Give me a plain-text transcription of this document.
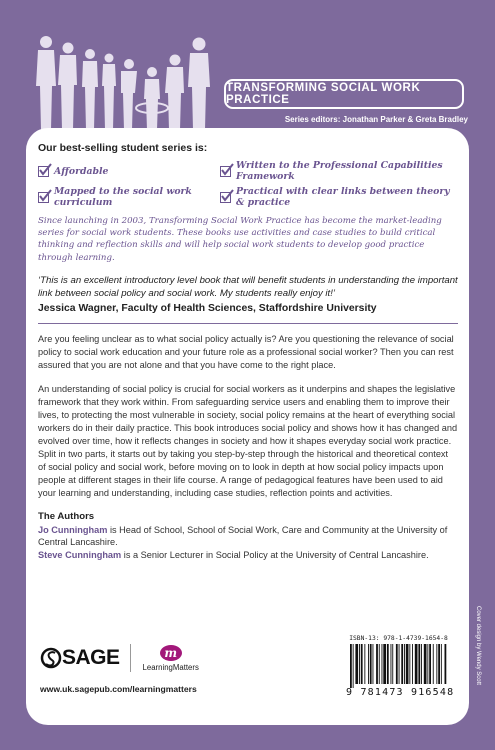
TRANSFORMING SOCIAL WORK PRACTICE
Series editors: Jonathan Parker & Greta Bradley

Our best-selling student series is:

Affordable	Written to the Professional Capabilities Framework
Mapped to the social work curriculum
Practical with clear links between theory & practice

Since launching in 2003, Transforming Social Work Practice has become the market-leading series for social work students. These books use activities and case studies to build critical thinking and reflection skills and will help social work students to develop good practice through learning.

‘This is an excellent introductory level book that will benefit students in understanding the important link between social policy and social work. My students really enjoy it!’

Jessica Wagner, Faculty of Health Sciences, Staffordshire University

Are you feeling unclear as to what social policy actually is? Are you questioning the relevance of social policy to social work education and your future role as a professional social worker? Then you can rest assured that you are not alone and that you have come to the right place.

An understanding of social policy is crucial for social workers as it underpins and shapes the legislative framework that they work within. From safeguarding service users and enabling them to improve their lives, to protecting the most vulnerable in society, social policy remains at the heart of everything social workers do in their daily practice. This book introduces social policy and shows how it has changed and evolved over time, how it reflects changes in society and how it shapes everyday social work practice. Split in two parts, it starts out by taking you step-by-step through the historical and theoretical context of social policy and social work, before moving on to look in depth at how social policy impacts upon people at different stages in their life course. A range of pedagogical features have been used to aid your learning and understanding, including case studies, reflection points and activities.

The Authors

Jo Cunningham is Head of School, School of Social Work, Care and Community at the University of Central Lancashire.

Steve Cunningham is a Senior Lecturer in Social Policy at the University of Central Lancashire.

SAGE	m
LearningMatters
www.uk.sagepub.com/learningmatters
ISBN-13: 978-1-4739-1654-8
9 781473 916548
Cover design by Wendy Scott
